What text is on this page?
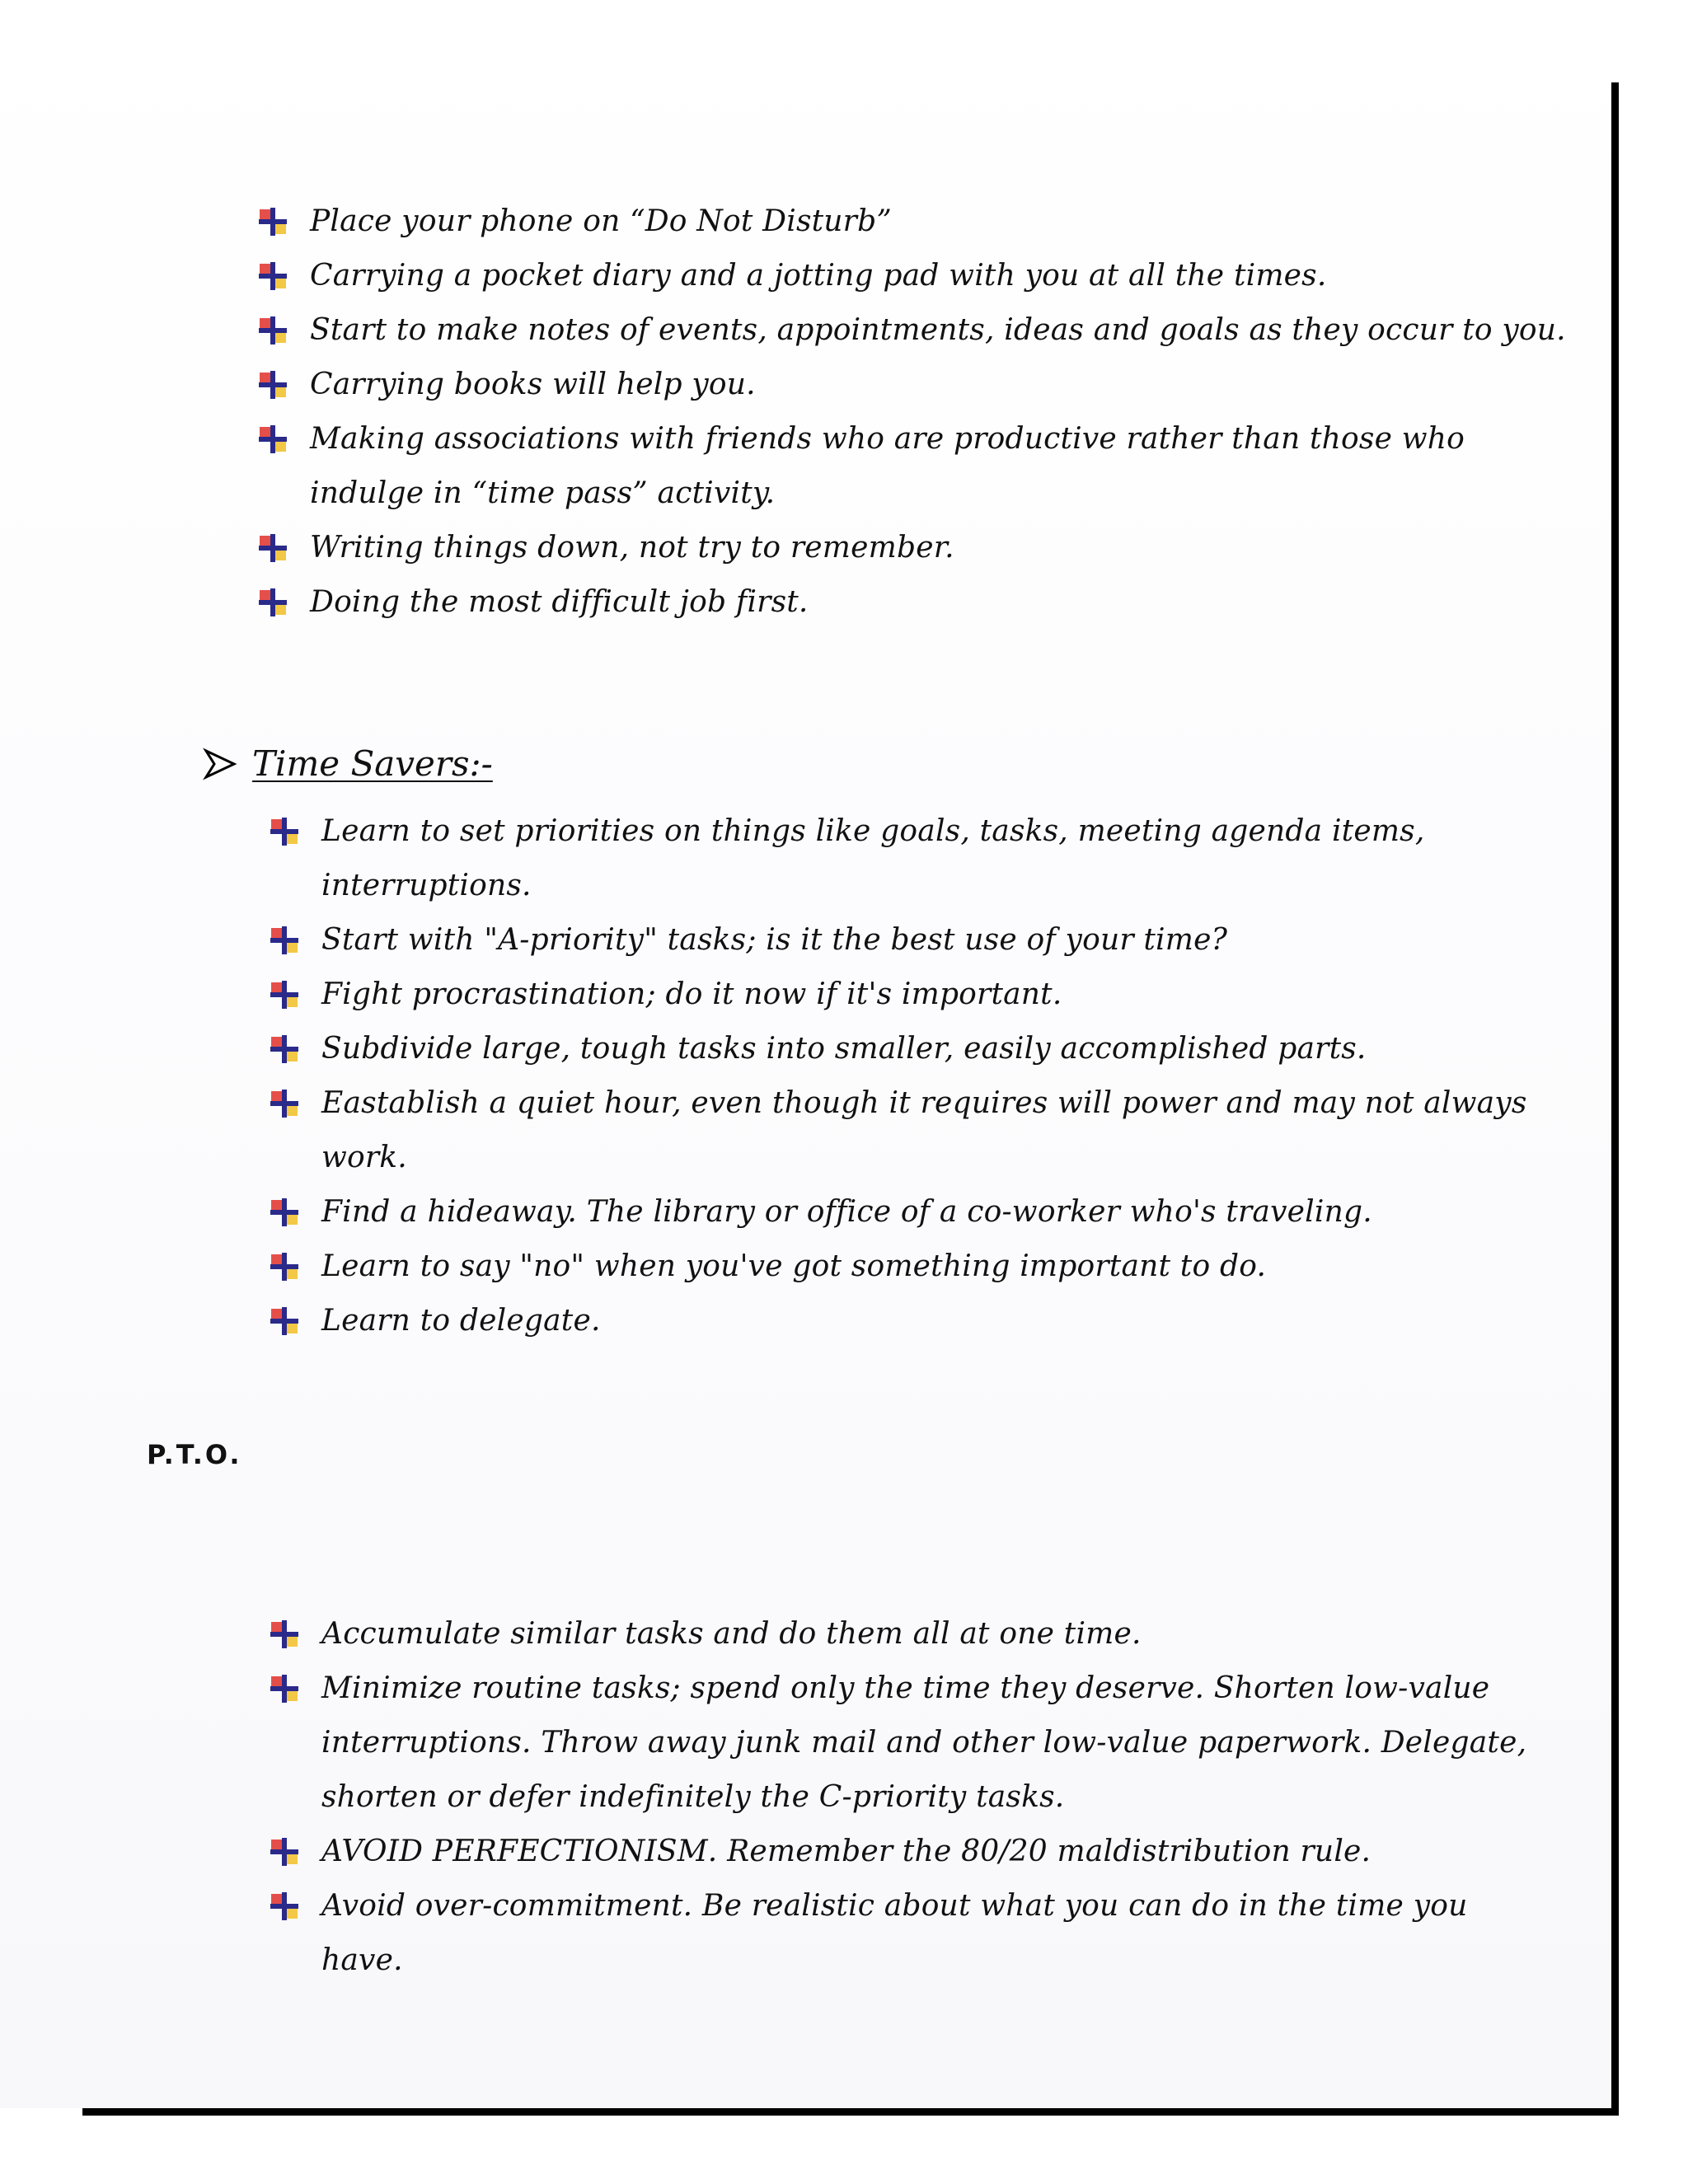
Place your phone on “Do Not Disturb”
Carrying a pocket diary and a jotting pad with you at all the times.
Start to make notes of events, appointments, ideas and goals as they occur to you.
Carrying books will help you.
Making associations with friends who are productive rather than those who indulge in “time pass” activity.
Writing things down, not try to remember.
Doing the most difficult job first.
Time Savers:-
Learn to set priorities on things like goals, tasks, meeting agenda items, interruptions.
Start with "A-priority" tasks; is it the best use of your time?
Fight procrastination; do it now if it's important.
Subdivide large, tough tasks into smaller, easily accomplished parts.
Eastablish a quiet hour, even though it requires will power and may not always work.
Find a hideaway. The library or office of a co-worker who's traveling.
Learn to say "no" when you've got something important to do.
Learn to delegate.
P.T.O.
Accumulate similar tasks and do them all at one time.
Minimize routine tasks; spend only the time they deserve. Shorten low-value interruptions. Throw away junk mail and other low-value paperwork. Delegate, shorten or defer indefinitely the C-priority tasks.
AVOID PERFECTIONISM. Remember the 80/20 maldistribution rule.
Avoid over-commitment. Be realistic about what you can do in the time you have.
